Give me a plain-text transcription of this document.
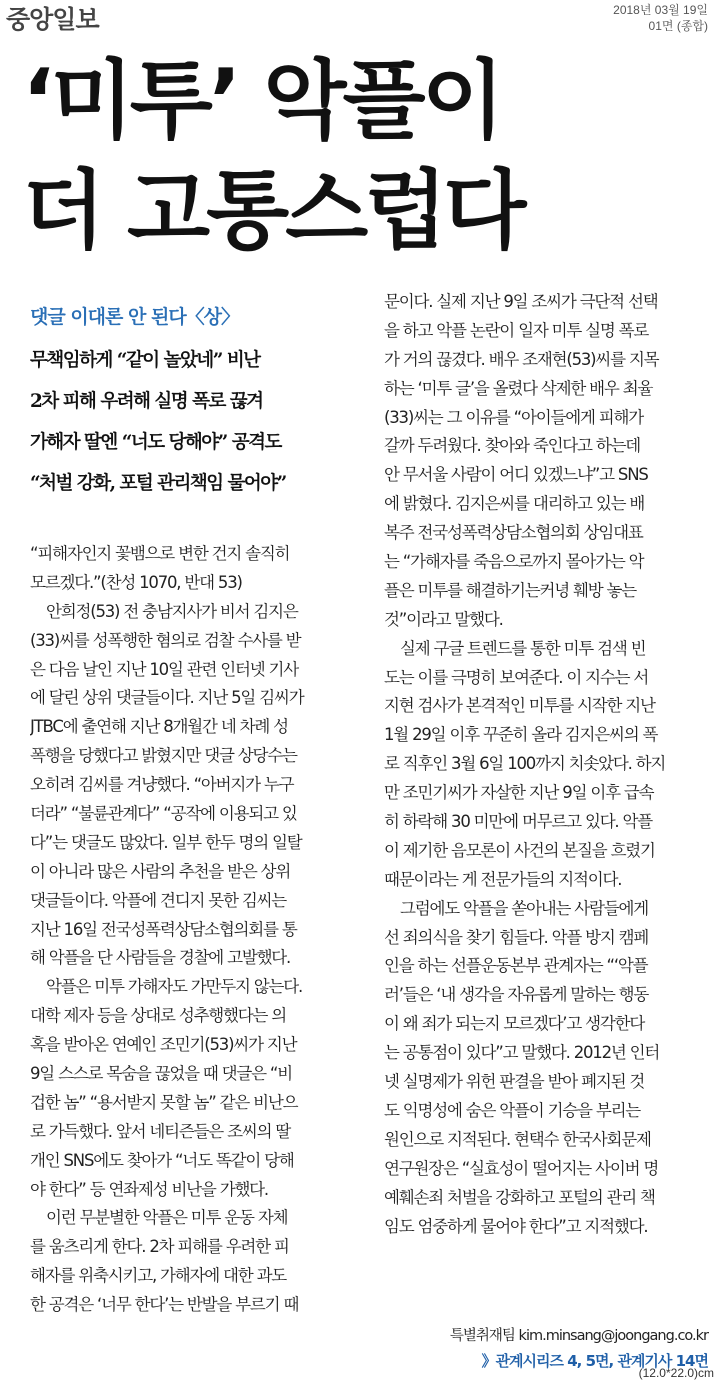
중앙일보	2018년 03월 19일
01면 (종합)
‘미투’ 악플이
더 고통스럽다
댓글 이대론 안 된다〈상〉
무책임하게 “같이 놀았네” 비난
2차 피해 우려해 실명 폭로 끊겨
가해자 딸엔 “너도 당해야” 공격도
“처벌 강화, 포털 관리책임 물어야”
“피해자인지 꽃뱀으로 변한 건지 솔직히
모르겠다.”(찬성 1070, 반대 53)
안희정(53) 전 충남지사가 비서 김지은
(33)씨를 성폭행한 혐의로 검찰 수사를 받
은 다음 날인 지난 10일 관련 인터넷 기사
에 달린 상위 댓글들이다. 지난 5일 김씨가
JTBC에 출연해 지난 8개월간 네 차례 성
폭행을 당했다고 밝혔지만 댓글 상당수는
오히려 김씨를 겨냥했다. “아버지가 누구
더라” “불륜관계다” “공작에 이용되고 있
다”는 댓글도 많았다. 일부 한두 명의 일탈
이 아니라 많은 사람의 추천을 받은 상위
댓글들이다. 악플에 견디지 못한 김씨는
지난 16일 전국성폭력상담소협의회를 통
해 악플을 단 사람들을 경찰에 고발했다.
악플은 미투 가해자도 가만두지 않는다.
대학 제자 등을 상대로 성추행했다는 의
혹을 받아온 연예인 조민기(53)씨가 지난
9일 스스로 목숨을 끊었을 때 댓글은 “비
겁한 놈” “용서받지 못할 놈” 같은 비난으
로 가득했다. 앞서 네티즌들은 조씨의 딸
개인 SNS에도 찾아가 “너도 똑같이 당해
야 한다” 등 연좌제성 비난을 가했다.
이런 무분별한 악플은 미투 운동 자체
를 움츠리게 한다. 2차 피해를 우려한 피
해자를 위축시키고, 가해자에 대한 과도
한 공격은 ‘너무 한다’는 반발을 부르기 때
문이다. 실제 지난 9일 조씨가 극단적 선택
을 하고 악플 논란이 일자 미투 실명 폭로
가 거의 끊겼다. 배우 조재현(53)씨를 지목
하는 ‘미투 글’을 올렸다 삭제한 배우 최율
(33)씨는 그 이유를 “아이들에게 피해가
갈까 두려웠다. 찾아와 죽인다고 하는데
안 무서울 사람이 어디 있겠느냐”고 SNS
에 밝혔다. 김지은씨를 대리하고 있는 배
복주 전국성폭력상담소협의회 상임대표
는 “가해자를 죽음으로까지 몰아가는 악
플은 미투를 해결하기는커녕 훼방 놓는
것”이라고 말했다.
실제 구글 트렌드를 통한 미투 검색 빈
도는 이를 극명히 보여준다. 이 지수는 서
지현 검사가 본격적인 미투를 시작한 지난
1월 29일 이후 꾸준히 올라 김지은씨의 폭
로 직후인 3월 6일 100까지 치솟았다. 하지
만 조민기씨가 자살한 지난 9일 이후 급속
히 하락해 30 미만에 머무르고 있다. 악플
이 제기한 음모론이 사건의 본질을 흐렸기
때문이라는 게 전문가들의 지적이다.
그럼에도 악플을 쏟아내는 사람들에게
선 죄의식을 찾기 힘들다. 악플 방지 캠페
인을 하는 선플운동본부 관계자는 “‘악플
러’들은 ‘내 생각을 자유롭게 말하는 행동
이 왜 죄가 되는지 모르겠다’고 생각한다
는 공통점이 있다”고 말했다. 2012년 인터
넷 실명제가 위헌 판결을 받아 폐지된 것
도 익명성에 숨은 악플이 기승을 부리는
원인으로 지적된다. 현택수 한국사회문제
연구원장은 “실효성이 떨어지는 사이버 명
예훼손죄 처벌을 강화하고 포털의 관리 책
임도 엄중하게 물어야 한다”고 지적했다.
특별취재팀 kim.minsang@joongang.co.kr
》관계시리즈 4, 5면, 관계기사 14면
(12.0*22.0)cm
